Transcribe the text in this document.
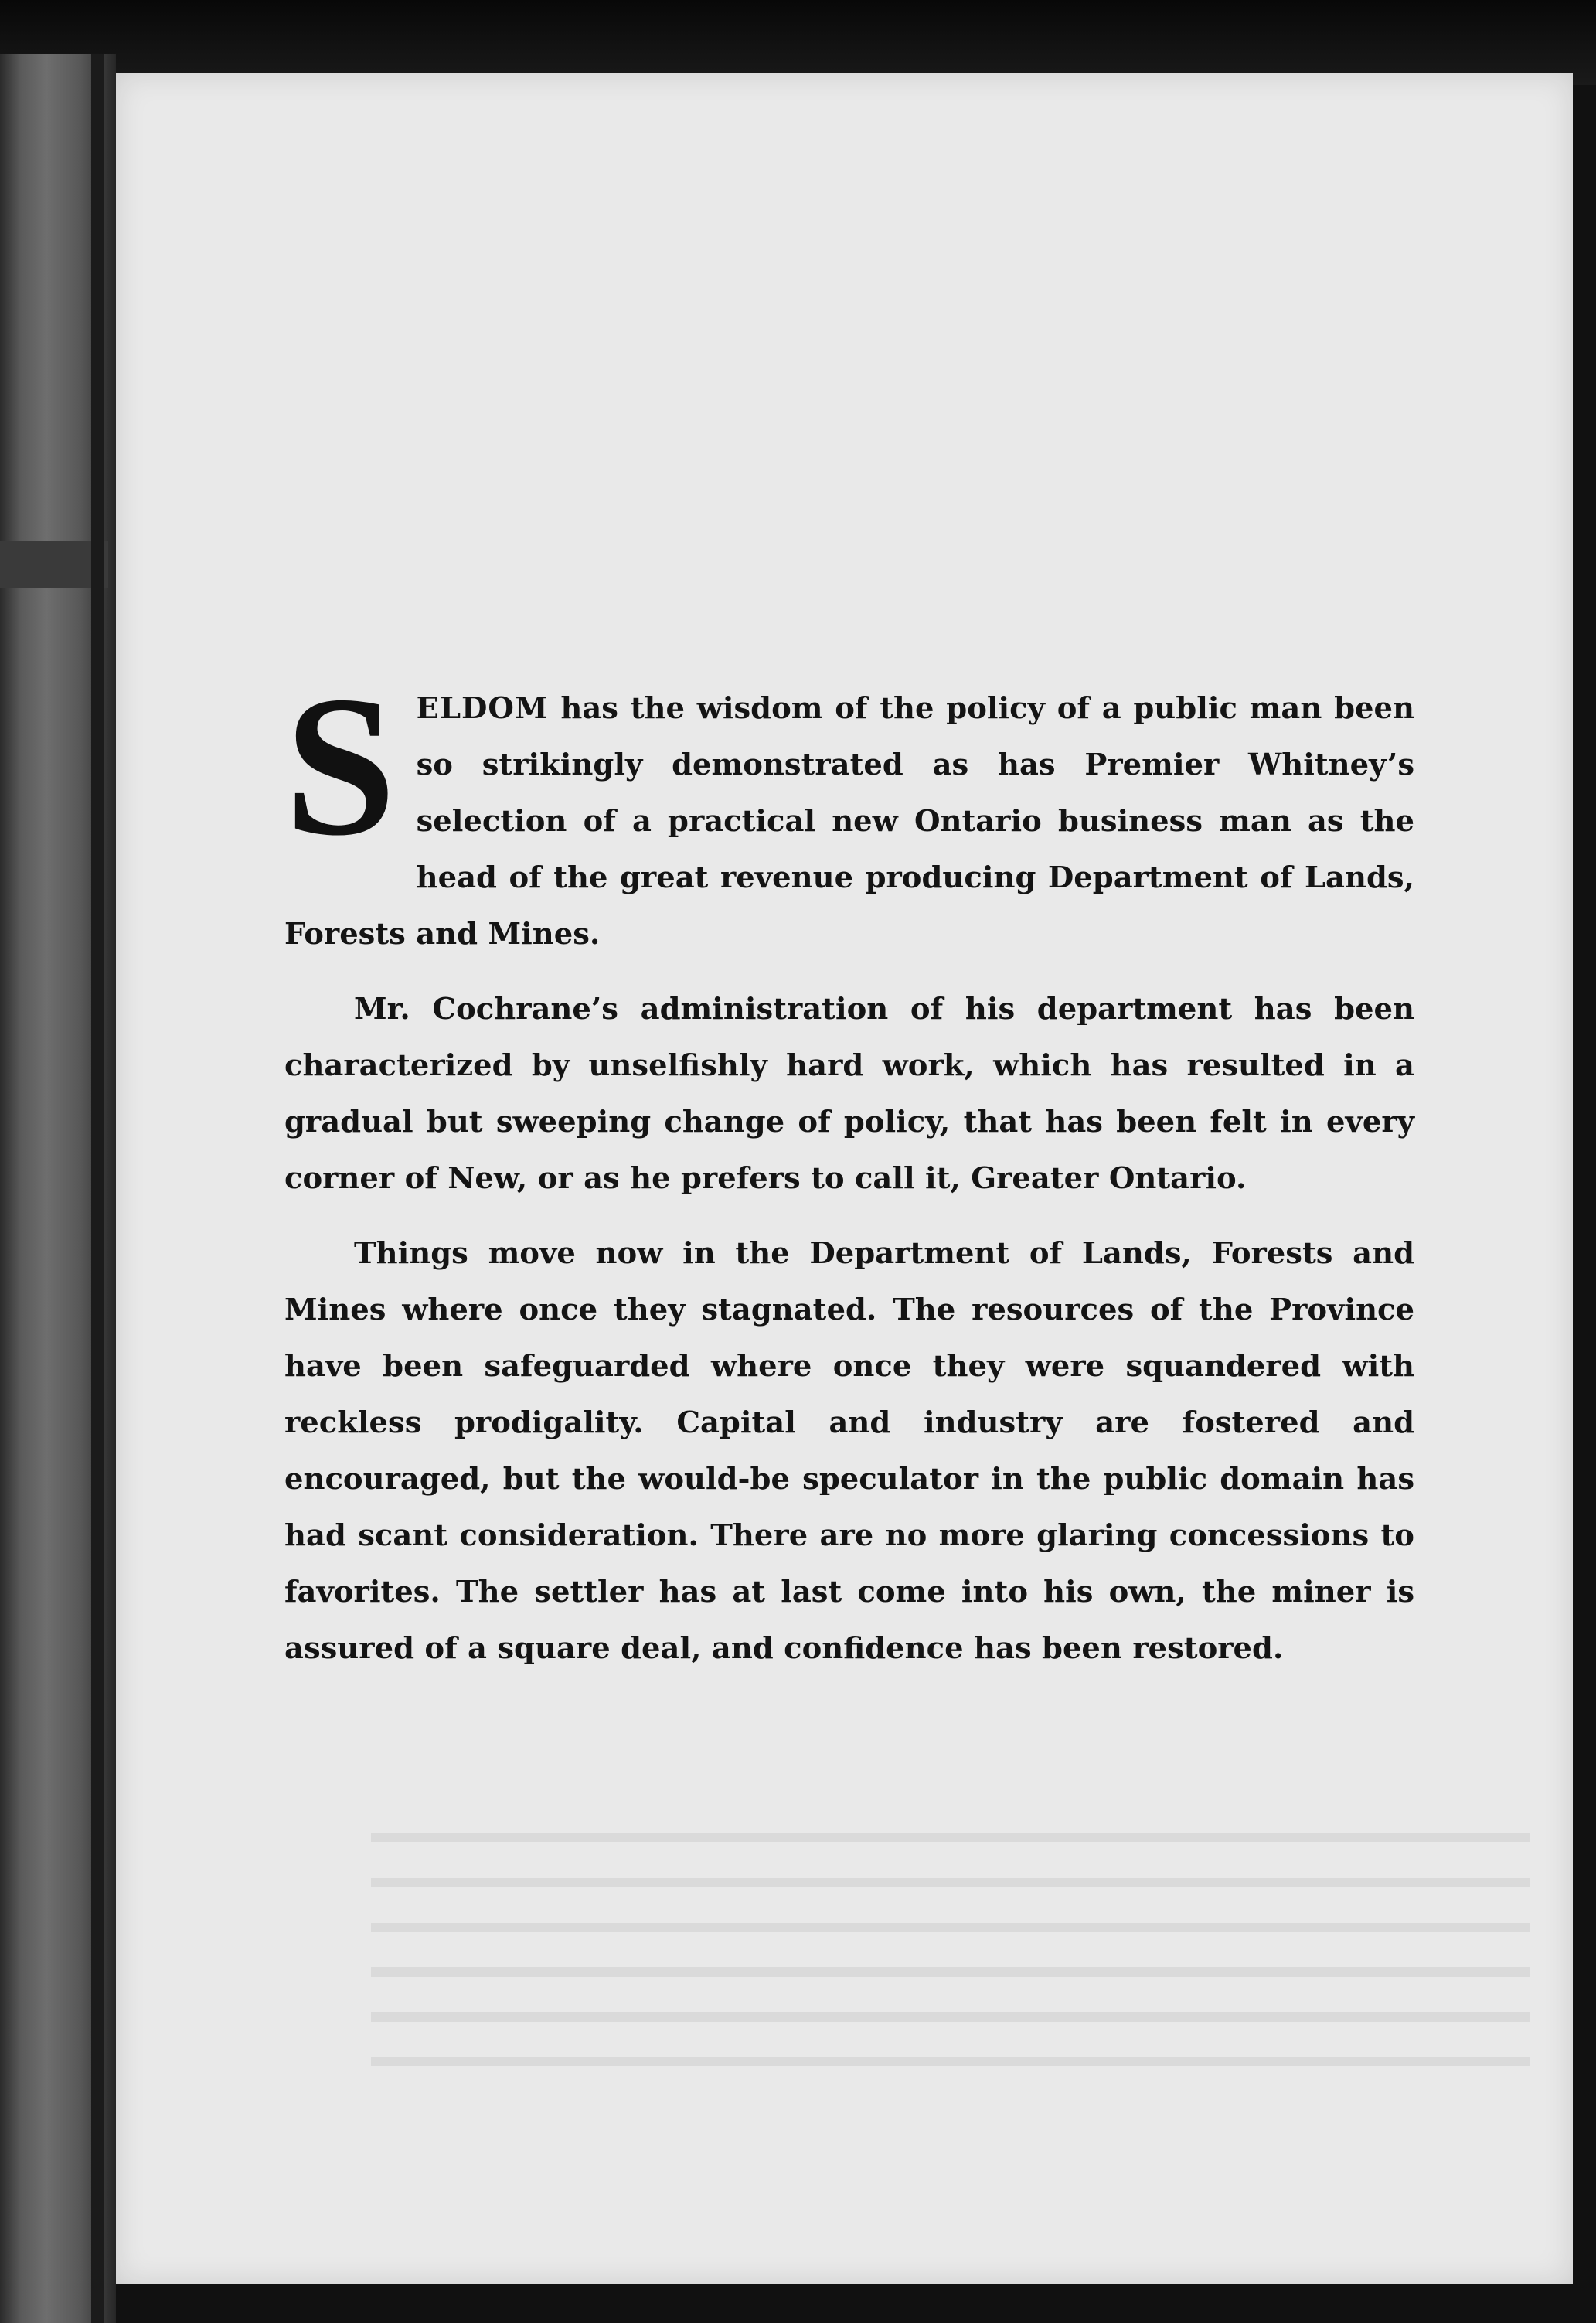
SELDOM has the wisdom of the policy of a public man been so strikingly demonstrated as has Premier Whitney’s selection of a practical new Ontario business man as the head of the great revenue producing Department of Lands, Forests and Mines.

Mr. Cochrane’s administration of his department has been characterized by unselfishly hard work, which has resulted in a gradual but sweeping change of policy, that has been felt in every corner of New, or as he prefers to call it, Greater Ontario.

Things move now in the Department of Lands, Forests and Mines where once they stagnated. The resources of the Province have been safeguarded where once they were squandered with reckless prodigality. Capital and industry are fostered and encouraged, but the would-be speculator in the public domain has had scant consideration. There are no more glaring concessions to favorites. The settler has at last come into his own, the miner is assured of a square deal, and confidence has been restored.
